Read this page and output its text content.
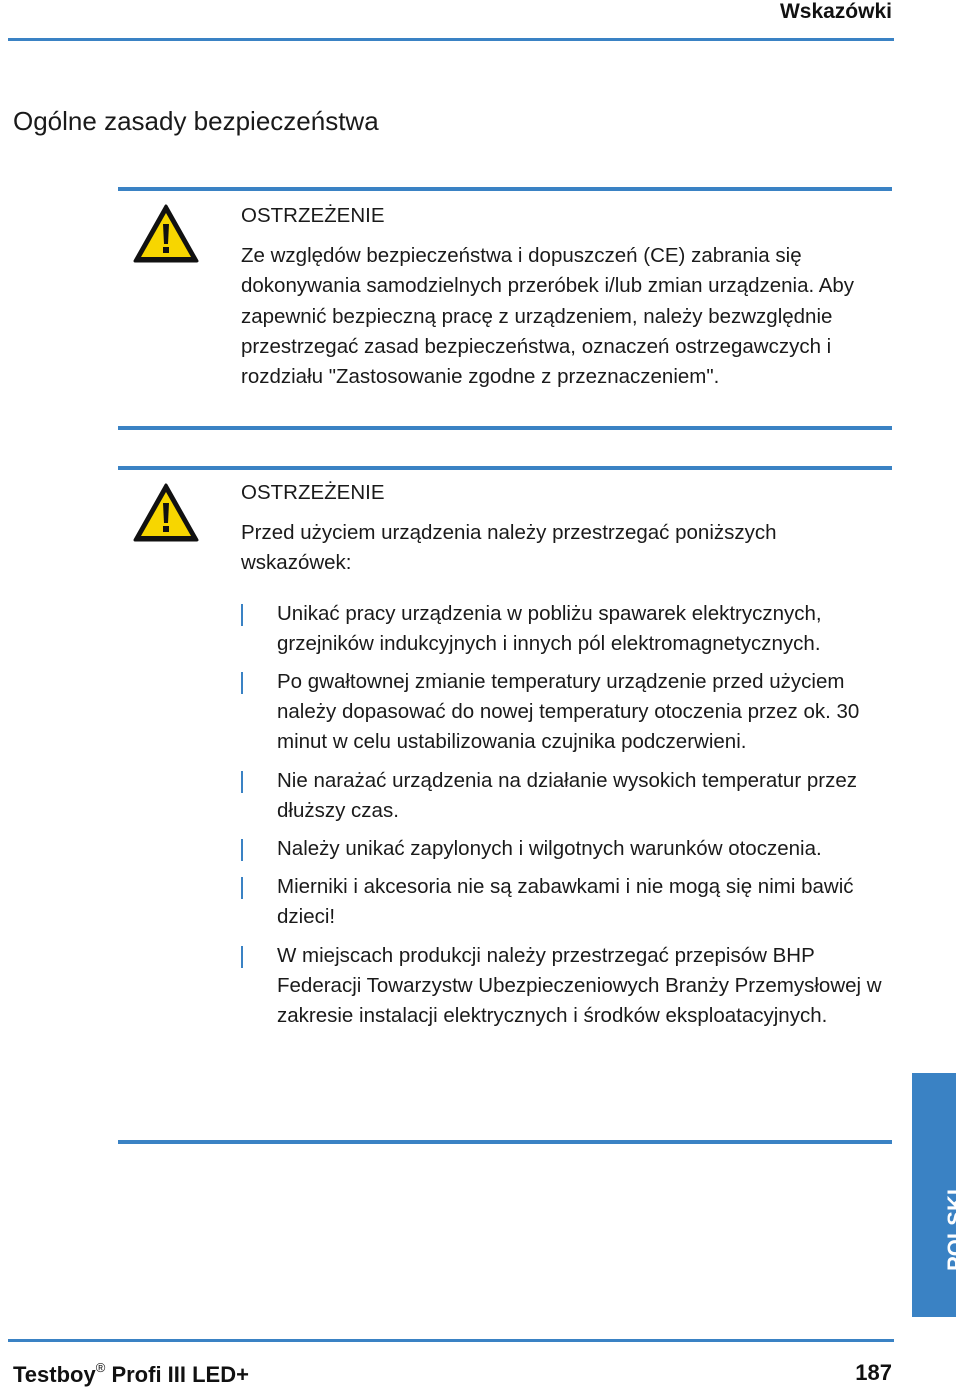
Wskazówki
Ogólne zasady bezpieczeństwa
OSTRZEŻENIE

Ze względów bezpieczeństwa i dopuszczeń (CE) zabrania się dokonywania samodzielnych przeróbek i/lub zmian urządzenia. Aby zapewnić bezpieczną pracę z urządzeniem, należy bezwzględnie przestrzegać zasad bezpieczeństwa, oznaczeń ostrzegawczych i rozdziału "Zastosowanie zgodne z przeznaczeniem".

OSTRZEŻENIE

Przed użyciem urządzenia należy przestrzegać poniższych wskazówek:

Unikać pracy urządzenia w pobliżu spawarek elektrycznych, grzejników indukcyjnych i innych pól elektromagnetycznych.
Po gwałtownej zmianie temperatury urządzenie przed użyciem należy dopasować do nowej temperatury otoczenia przez ok. 30 minut w celu ustabilizowania czujnika podczerwieni.
Nie narażać urządzenia na działanie wysokich temperatur przez dłuższy czas.
Należy unikać zapylonych i wilgotnych warunków otoczenia.
Mierniki i akcesoria nie są zabawkami i nie mogą się nimi bawić dzieci!
W miejscach produkcji należy przestrzegać przepisów BHP Federacji Towarzystw Ubezpieczeniowych Branży Przemysłowej w zakresie instalacji elektrycznych i środków eksploatacyjnych.
POLSKI
Testboy® Profi III LED+	187
